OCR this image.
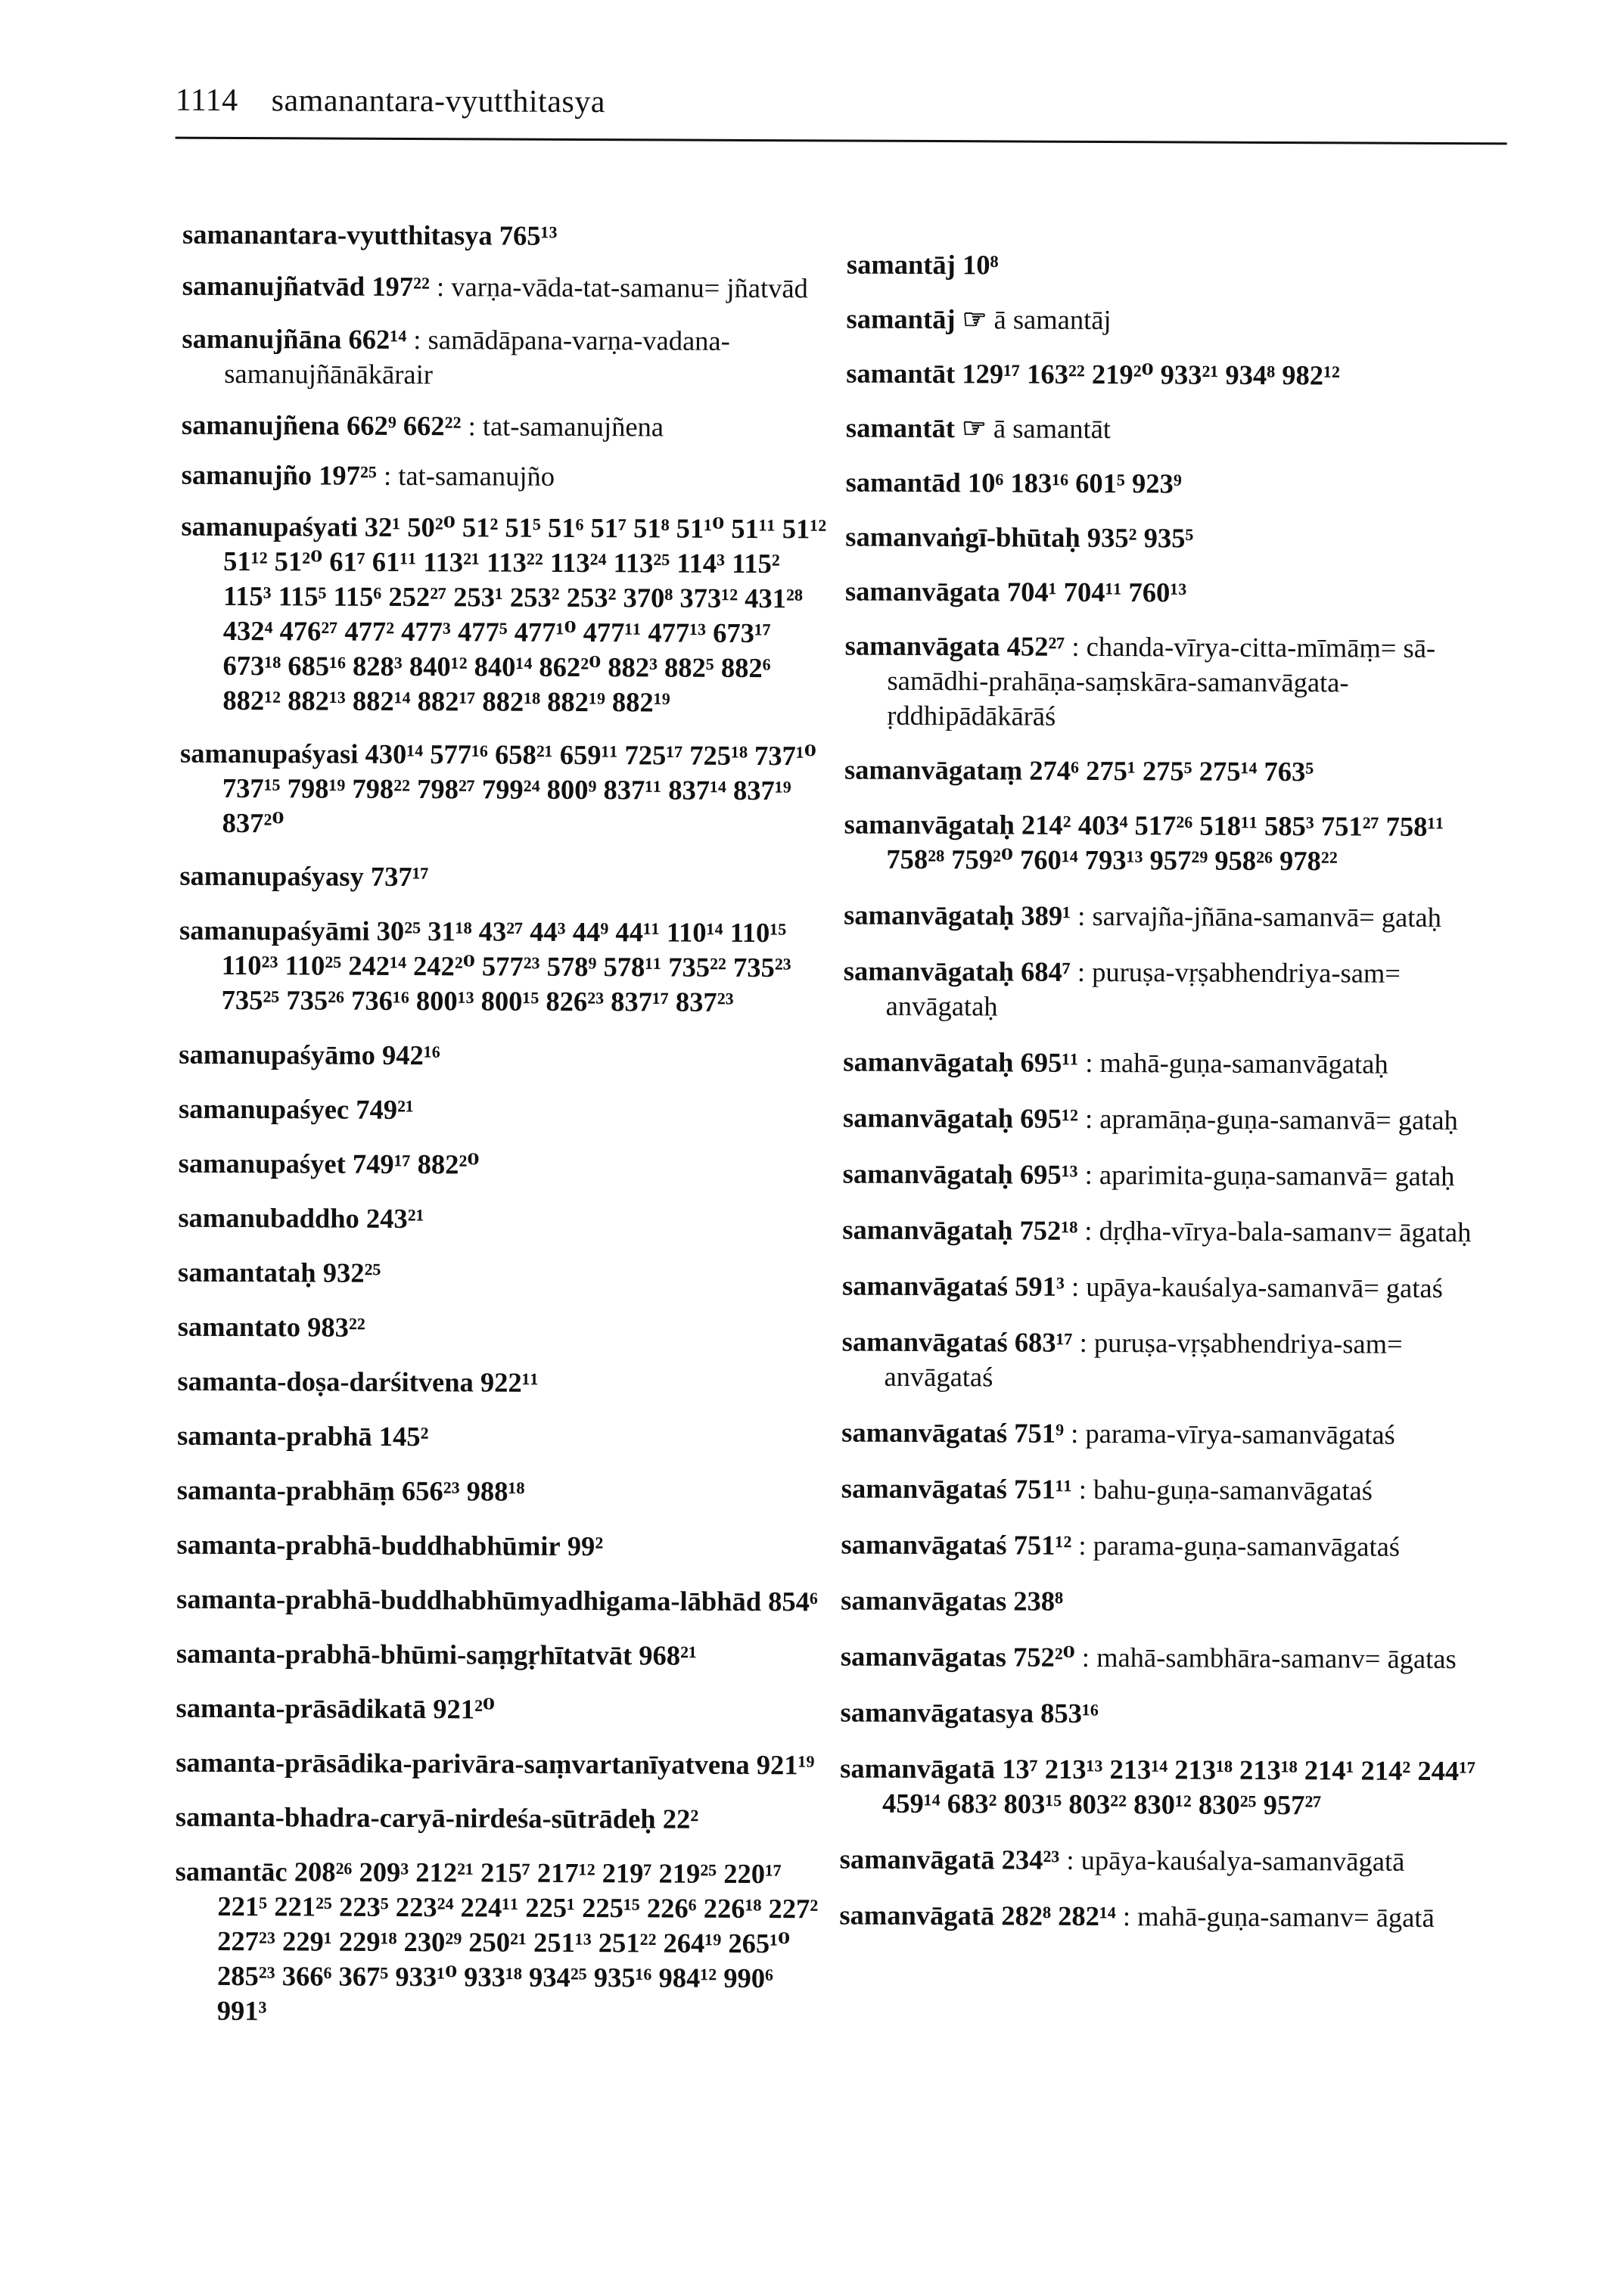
1114 samanantara-vyutthitasya
samanantara-vyutthitasya 765¹³
samanujñatvād 197²² : varṇa-vāda-tat-samanu= jñatvād
samanujñāna 662¹⁴ : samādāpana-varṇa-vadana-samanujñānākārair
samanujñena 662⁹ 662²² : tat-samanujñena
samanujño 197²⁵ : tat-samanujño
samanupaśyati 32¹ 50²⁰ 51² 51⁵ 51⁶ 51⁷ 51⁸ 51¹⁰ 51¹¹ 51¹² 51¹² 51²⁰ 61⁷ 61¹¹ 113²¹ 113²² 113²⁴ 113²⁵ 114³ 115² 115³ 115⁵ 115⁶ 252²⁷ 253¹ 253² 253² 370⁸ 373¹² 431²⁸ 432⁴ 476²⁷ 477² 477³ 477⁵ 477¹⁰ 477¹¹ 477¹³ 673¹⁷ 673¹⁸ 685¹⁶ 828³ 840¹² 840¹⁴ 862²⁰ 882³ 882⁵ 882⁶ 882¹² 882¹³ 882¹⁴ 882¹⁷ 882¹⁸ 882¹⁹ 882¹⁹
samanupaśyasi 430¹⁴ 577¹⁶ 658²¹ 659¹¹ 725¹⁷ 725¹⁸ 737¹⁰ 737¹⁵ 798¹⁹ 798²² 798²⁷ 799²⁴ 800⁹ 837¹¹ 837¹⁴ 837¹⁹ 837²⁰
samanupaśyasy 737¹⁷
samanupaśyāmi 30²⁵ 31¹⁸ 43²⁷ 44³ 44⁹ 44¹¹ 110¹⁴ 110¹⁵ 110²³ 110²⁵ 242¹⁴ 242²⁰ 577²³ 578⁹ 578¹¹ 735²² 735²³ 735²⁵ 735²⁶ 736¹⁶ 800¹³ 800¹⁵ 826²³ 837¹⁷ 837²³
samanupaśyāmo 942¹⁶
samanupaśyec 749²¹
samanupaśyet 749¹⁷ 882²⁰
samanubaddho 243²¹
samantataḥ 932²⁵
samantato 983²²
samanta-doṣa-darśitvena 922¹¹
samanta-prabhā 145²
samanta-prabhāṃ 656²³ 988¹⁸
samanta-prabhā-buddhabhūmir 99²
samanta-prabhā-buddhabhūmyadhigama-lābhād 854⁶
samanta-prabhā-bhūmi-saṃgṛhītatvāt 968²¹
samanta-prāsādikatā 921²⁰
samanta-prāsādika-parivāra-saṃvartanīyatvena 921¹⁹
samanta-bhadra-caryā-nirdeśa-sūtrādeḥ 22²
samantāc 208²⁶ 209³ 212²¹ 215⁷ 217¹² 219⁷ 219²⁵ 220¹⁷ 221⁵ 221²⁵ 223⁵ 223²⁴ 224¹¹ 225¹ 225¹⁵ 226⁶ 226¹⁸ 227² 227²³ 229¹ 229¹⁸ 230²⁹ 250²¹ 251¹³ 251²² 264¹⁹ 265¹⁰ 285²³ 366⁶ 367⁵ 933¹⁰ 933¹⁸ 934²⁵ 935¹⁶ 984¹² 990⁶ 991³
samantāj 10⁸
samantāj ☞ ā samantāj
samantāt 129¹⁷ 163²² 219²⁰ 933²¹ 934⁸ 982¹²
samantāt ☞ ā samantāt
samantād 10⁶ 183¹⁶ 601⁵ 923⁹
samanvaṅgī-bhūtaḥ 935² 935⁵
samanvāgata 704¹ 704¹¹ 760¹³
samanvāgata 452²⁷ : chanda-vīrya-citta-mīmāṃ= sā-samādhi-prahāṇa-saṃskāra-samanvāgata-ṛddhipādākārāś
samanvāgataṃ 274⁶ 275¹ 275⁵ 275¹⁴ 763⁵
samanvāgataḥ 214² 403⁴ 517²⁶ 518¹¹ 585³ 751²⁷ 758¹¹ 758²⁸ 759²⁰ 760¹⁴ 793¹³ 957²⁹ 958²⁶ 978²²
samanvāgataḥ 389¹ : sarvajña-jñāna-samanvā= gataḥ
samanvāgataḥ 684⁷ : puruṣa-vṛṣabhendriya-sam= anvāgataḥ
samanvāgataḥ 695¹¹ : mahā-guṇa-samanvāgataḥ
samanvāgataḥ 695¹² : apramāṇa-guṇa-samanvā= gataḥ
samanvāgataḥ 695¹³ : aparimita-guṇa-samanvā= gataḥ
samanvāgataḥ 752¹⁸ : dṛḍha-vīrya-bala-samanv= āgataḥ
samanvāgataś 591³ : upāya-kauśalya-samanvā= gataś
samanvāgataś 683¹⁷ : puruṣa-vṛṣabhendriya-sam= anvāgataś
samanvāgataś 751⁹ : parama-vīrya-samanvāgataś
samanvāgataś 751¹¹ : bahu-guṇa-samanvāgataś
samanvāgataś 751¹² : parama-guṇa-samanvāgataś
samanvāgatas 238⁸
samanvāgatas 752²⁰ : mahā-sambhāra-samanv= āgatas
samanvāgatasya 853¹⁶
samanvāgatā 13⁷ 213¹³ 213¹⁴ 213¹⁸ 213¹⁸ 214¹ 214² 244¹⁷ 459¹⁴ 683² 803¹⁵ 803²² 830¹² 830²⁵ 957²⁷
samanvāgatā 234²³ : upāya-kauśalya-samanvāgatā
samanvāgatā 282⁸ 282¹⁴ : mahā-guṇa-samanv= āgatā
